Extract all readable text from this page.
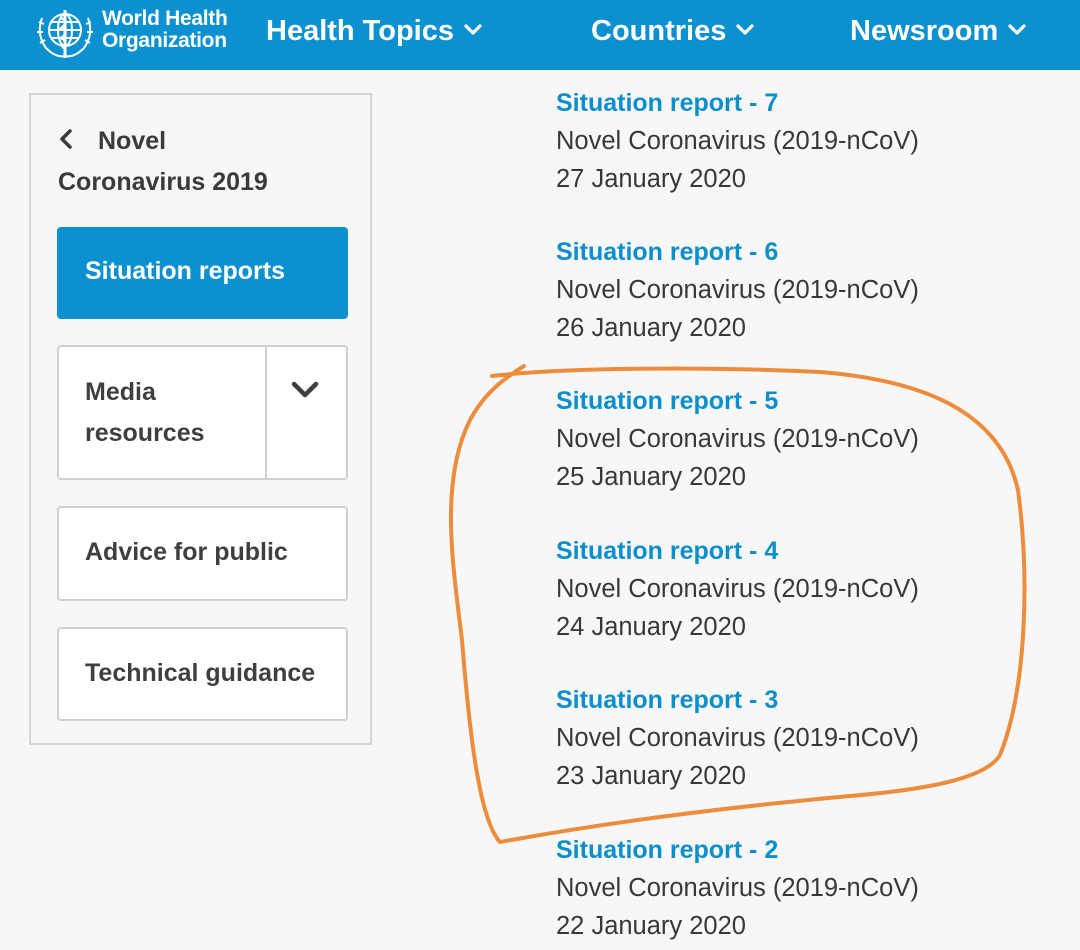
World Health
Organization Health Topics	Countries	Newsroom
Novel
Coronavirus 2019
Situation reports
Media
resources
Advice for public
Technical guidance
Situation report - 7
Novel Coronavirus (2019-nCoV)
27 January 2020
Situation report - 6
Novel Coronavirus (2019-nCoV)
26 January 2020
Situation report - 5
Novel Coronavirus (2019-nCoV)
25 January 2020
Situation report - 4
Novel Coronavirus (2019-nCoV)
24 January 2020
Situation report - 3
Novel Coronavirus (2019-nCoV)
23 January 2020
Situation report - 2
Novel Coronavirus (2019-nCoV)
22 January 2020
